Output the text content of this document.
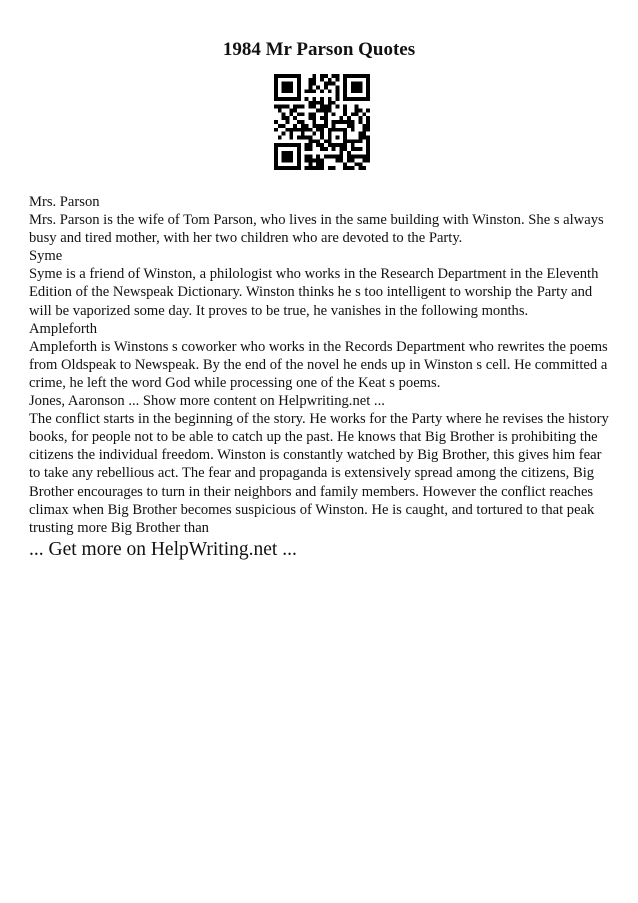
1984 Mr Parson Quotes

Mrs. Parson

Mrs. Parson is the wife of Tom Parson, who lives in the same building with Winston. She s always busy and tired mother, with her two children who are devoted to the Party.

Syme

Syme is a friend of Winston, a philologist who works in the Research Department in the Eleventh Edition of the Newspeak Dictionary. Winston thinks he s too intelligent to worship the Party and will be vaporized some day. It proves to be true, he vanishes in the following months.

Ampleforth

Ampleforth is Winstons s coworker who works in the Records Department who rewrites the poems from Oldspeak to Newspeak. By the end of the novel he ends up in Winston s cell. He committed a crime, he left the word God while processing one of the Keat s poems.

Jones, Aaronson ... Show more content on Helpwriting.net ...

The conflict starts in the beginning of the story. He works for the Party where he revises the history books, for people not to be able to catch up the past. He knows that Big Brother is prohibiting the citizens the individual freedom. Winston is constantly watched by Big Brother, this gives him fear to take any rebellious act. The fear and propaganda is extensively spread among the citizens, Big Brother encourages to turn in their neighbors and family members. However the conflict reaches climax when Big Brother becomes suspicious of Winston. He is caught, and tortured to that peak trusting more Big Brother than

... Get more on HelpWriting.net ...
